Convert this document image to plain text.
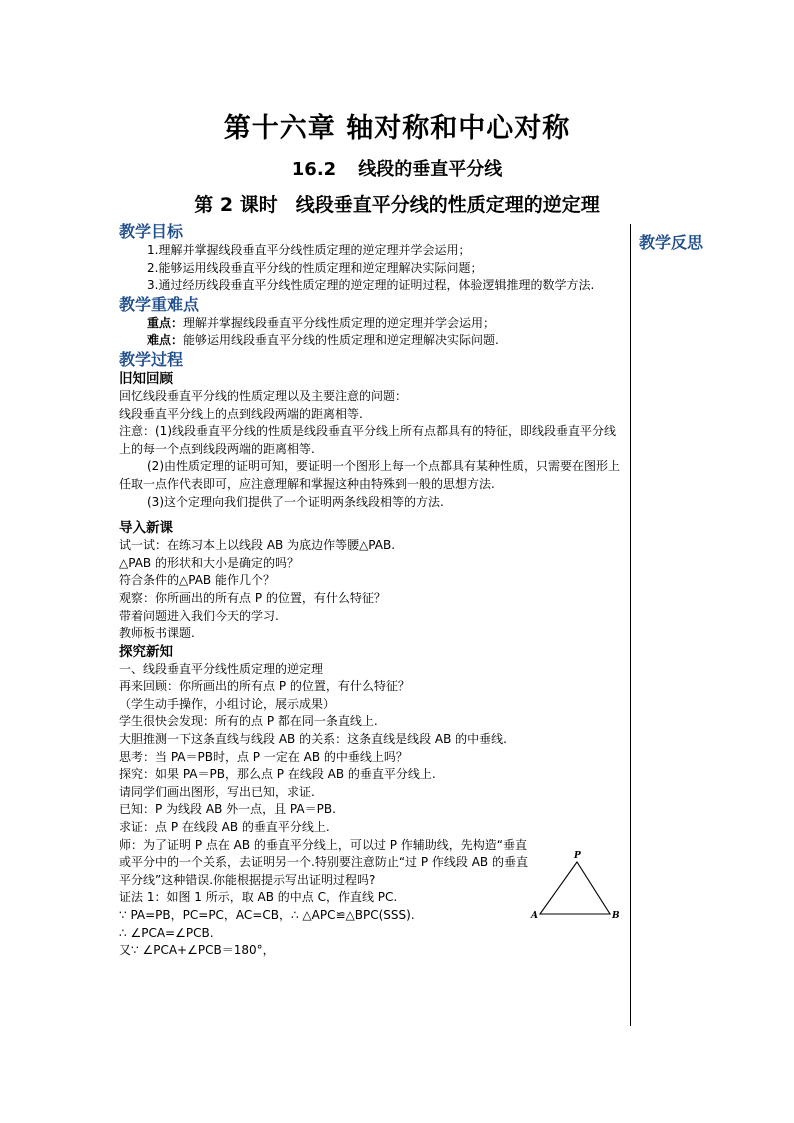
第十六章 轴对称和中心对称
16.2 线段的垂直平分线
第 2 课时 线段垂直平分线的性质定理的逆定理
教学反思
教学目标

1.理解并掌握线段垂直平分线性质定理的逆定理并学会运用；

2.能够运用线段垂直平分线的性质定理和逆定理解决实际问题；

3.通过经历线段垂直平分线性质定理的逆定理的证明过程，体验逻辑推理的数学方法.

教学重难点

重点：理解并掌握线段垂直平分线性质定理的逆定理并学会运用；

难点：能够运用线段垂直平分线的性质定理和逆定理解决实际问题.

教学过程
旧知回顾

回忆线段垂直平分线的性质定理以及主要注意的问题：

线段垂直平分线上的点到线段两端的距离相等.

注意：(1)线段垂直平分线的性质是线段垂直平分线上所有点都具有的特征，即线段垂直平分线上的每一个点到线段两端的距离相等.

(2)由性质定理的证明可知，要证明一个图形上每一个点都具有某种性质，只需要在图形上任取一点作代表即可，应注意理解和掌握这种由特殊到一般的思想方法.

(3)这个定理向我们提供了一个证明两条线段相等的方法.

导入新课

试一试：在练习本上以线段 AB 为底边作等腰△PAB.

△PAB 的形状和大小是确定的吗？

符合条件的△PAB 能作几个？

观察：你所画出的所有点 P 的位置，有什么特征？

带着问题进入我们今天的学习.

教师板书课题.

探究新知

一、线段垂直平分线性质定理的逆定理

再来回顾：你所画出的所有点 P 的位置，有什么特征？

（学生动手操作，小组讨论，展示成果）

学生很快会发现：所有的点 P 都在同一条直线上.

大胆推测一下这条直线与线段 AB 的关系：这条直线是线段 AB 的中垂线.

思考：当 PA＝PB时，点 P 一定在 AB 的中垂线上吗？

探究：如果 PA＝PB，那么点 P 在线段 AB 的垂直平分线上.

请同学们画出图形，写出已知，求证.

已知：P 为线段 AB 外一点，且 PA＝PB.

求证：点 P 在线段 AB 的垂直平分线上.

师：为了证明 P 点在 AB 的垂直平分线上，可以过 P 作辅助线，先构造“垂直或平分中的一个关系，去证明另一个.特别要注意防止“过 P 作线段 AB 的垂直平分线”这种错误.你能根据提示写出证明过程吗?

证法 1：如图 1 所示，取 AB 的中点 C，作直线 PC.

∵ PA=PB，PC=PC，AC=CB，∴ △APC≌△BPC(SSS).

∴ ∠PCA=∠PCB.

又∵ ∠PCA+∠PCB＝180°，

P
A	B
